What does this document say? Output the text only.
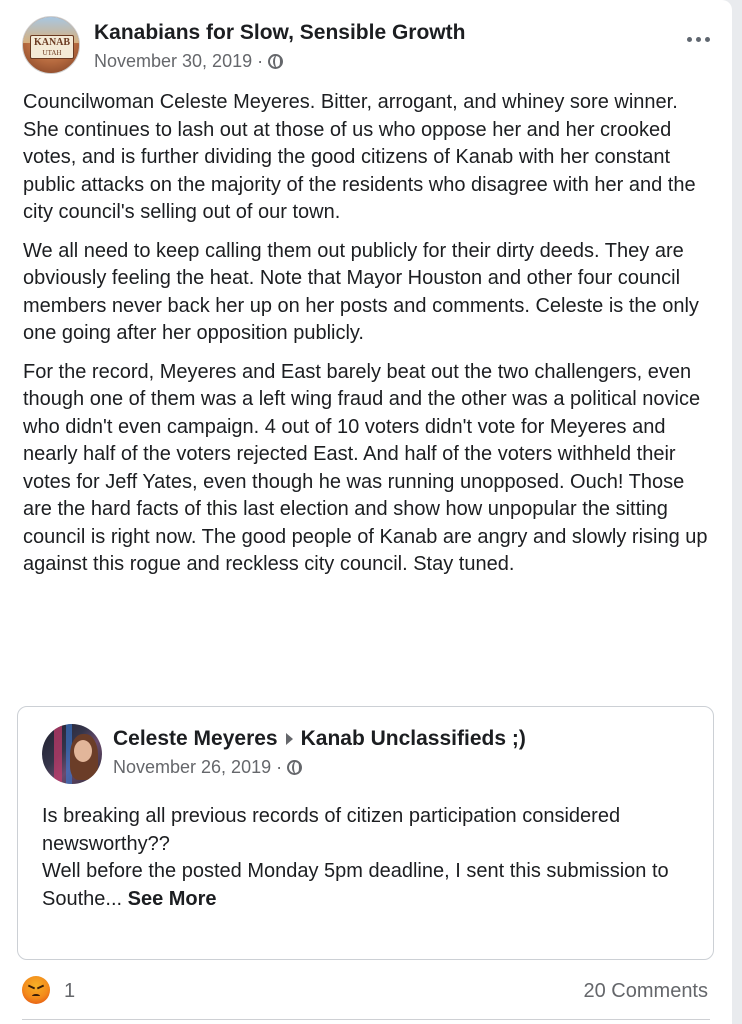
KANAB
UTAH
Kanabians for Slow, Sensible Growth
November 30, 2019 ·

Councilwoman Celeste Meyeres. Bitter, arrogant, and whiney sore winner. She continues to lash out at those of us who oppose her and her crooked votes, and is further dividing the good citizens of Kanab with her constant public attacks on the majority of the residents who disagree with her and the city council's selling out of our town.

We all need to keep calling them out publicly for their dirty deeds. They are obviously feeling the heat. Note that Mayor Houston and other four council members never back her up on her posts and comments. Celeste is the only one going after her opposition publicly.

For the record, Meyeres and East barely beat out the two challengers, even though one of them was a left wing fraud and the other was a political novice who didn't even campaign. 4 out of 10 voters didn't vote for Meyeres and nearly half of the voters rejected East. And half of the voters withheld their votes for Jeff Yates, even though he was running unopposed. Ouch! Those are the hard facts of this last election and show how unpopular the sitting council is right now. The good people of Kanab are angry and slowly rising up against this rogue and reckless city council. Stay tuned.

Celeste Meyeres Kanab Unclassifieds ;)
November 26, 2019 ·
Is breaking all previous records of citizen participation considered newsworthy??
Well before the posted Monday 5pm deadline, I sent this submission to Southe... See More
1	20 Comments
